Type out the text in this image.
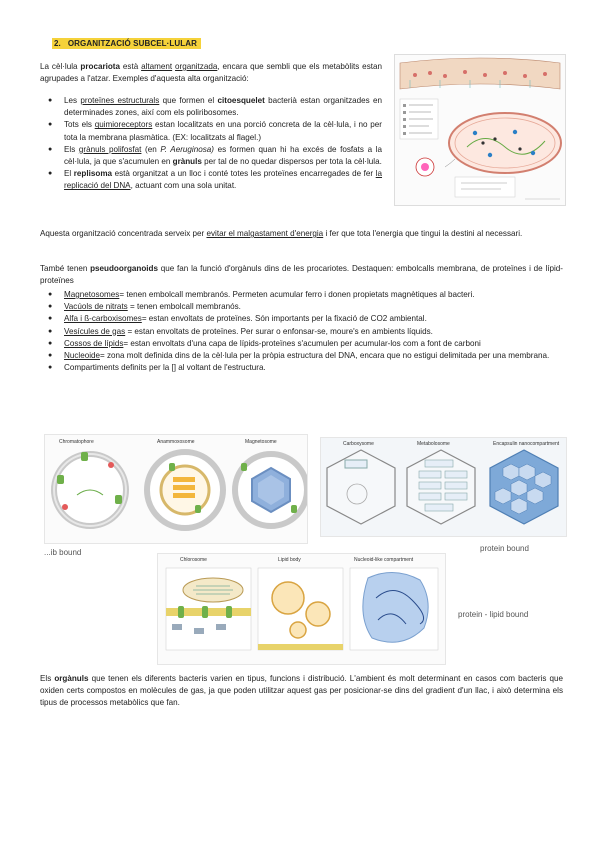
2. ORGANITZACIÓ SUBCEL·LULAR
La cèl·lula procariota està altament organitzada, encara que sembli que els metabòlits estan agrupades a l'atzar. Exemples d'aquesta alta organització:
● Les proteïnes estructurals que formen el citoesquelet bacterià estan organitzades en determinades zones, així com els poliribosomes.
● Tots els quimioreceptors estan localitzats en una porció concreta de la cèl·lula, i no per tota la membrana plasmàtica. (EX: localitzats al flagel.)
● Els grànuls polifosfat (en P. Aeruginosa) es formen quan hi ha excés de fosfats a la cèl·lula, ja que s'acumulen en grànuls per tal de no quedar dispersos per tota la cèl·lula.
● El replisoma està organitzat a un lloc i conté totes les proteïnes encarregades de fer la replicació del DNA, actuant com una sola unitat.
Aquesta organització concentrada serveix per evitar el malgastament d'energia i fer que tota l'energia que tingui la destini al necessari.
També tenen pseudoorganoids que fan la funció d'orgànuls dins de les procariotes. Destaquen: embolcalls membrana, de proteïnes i de lípid-proteïnes
● Magnetosomes= tenen embolcall membranós. Permeten acumular ferro i donen propietats magnètiques al bacteri.
● Vacúols de nitrats = tenen embolcall membranós.
● Alfa i ß-carboxisomes= estan envoltats de proteïnes. Són importants per la fixació de CO2 ambiental.
● Vesícules de gas = estan envoltats de proteïnes. Per surar o enfonsar-se, moure's en ambients líquids.
● Cossos de lípids= estan envoltats d'una capa de lípids-proteïnes s'acumulen per acumular-los com a font de carboni
● Nucleoide= zona molt definida dins de la cèl·lula per la pròpia estructura del DNA, encara que no estigui delimitada per una membrana.
● Compartiments definits per la [] al voltant de l'estructura.
Chromatophore	Anammoxosome	Magnetosome	Carboxysome	Metabolosome	Encapsulin nanocompartment
...ib bound	protein bound
Chlorosome	Lipid body	Nucleoid-like compartment
protein - lipid bound
Els orgànuls que tenen els diferents bacteris varien en tipus, funcions i distribució. L'ambient és molt determinant en casos com bacteris que oxiden certs compostos en molècules de gas, ja que poden utilitzar aquest gas per posicionar-se dins del gradient d'un llac, i això determina els tipus de processos metabòlics que fan.
